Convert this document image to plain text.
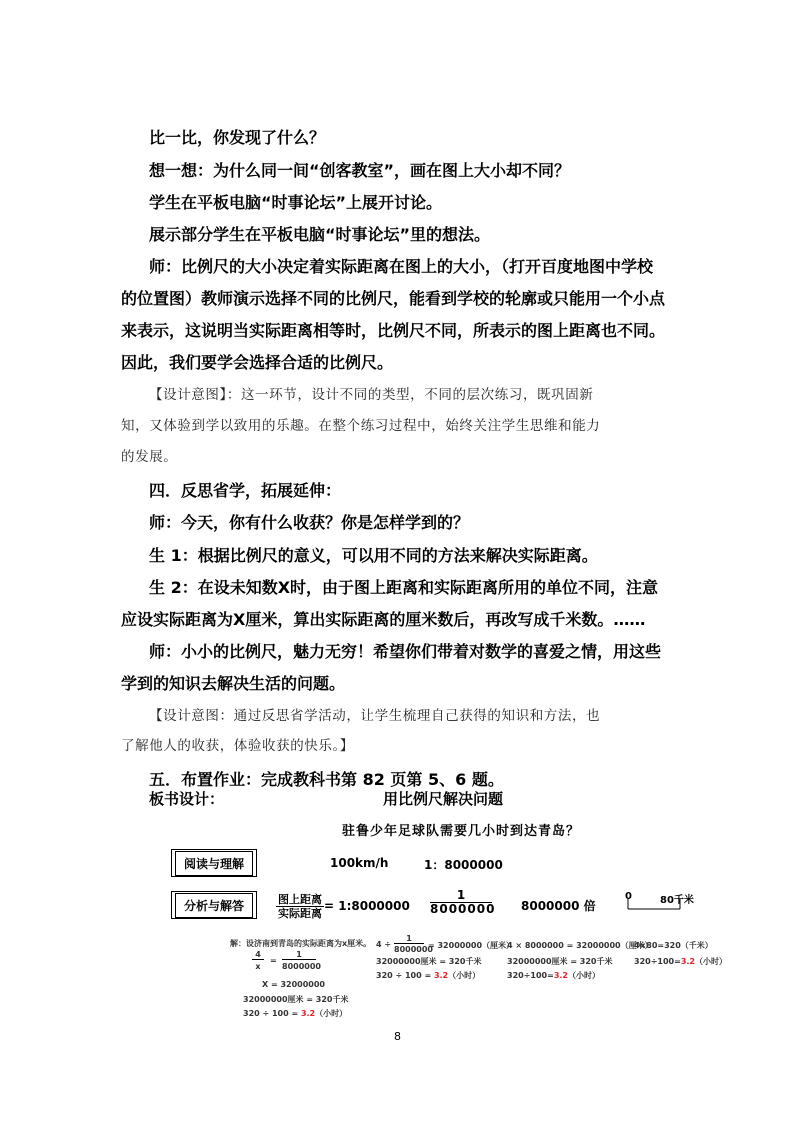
比一比，你发现了什么？
想一想：为什么同一间“创客教室”，画在图上大小却不同？
学生在平板电脑“时事论坛”上展开讨论。
展示部分学生在平板电脑“时事论坛”里的想法。
师：比例尺的大小决定着实际距离在图上的大小，（打开百度地图中学校
的位置图）教师演示选择不同的比例尺，能看到学校的轮廓或只能用一个小点
来表示，这说明当实际距离相等时，比例尺不同，所表示的图上距离也不同。
因此，我们要学会选择合适的比例尺。
【设计意图】：这一环节，设计不同的类型，不同的层次练习，既巩固新
知，又体验到学以致用的乐趣。在整个练习过程中，始终关注学生思维和能力
的发展。
四．反思省学，拓展延伸：
师：今天，你有什么收获？你是怎样学到的？
生 1：根据比例尺的意义，可以用不同的方法来解决实际距离。
生 2：在设未知数Χ时，由于图上距离和实际距离所用的单位不同，注意
应设实际距离为Χ厘米，算出实际距离的厘米数后，再改写成千米数。……
师：小小的比例尺，魅力无穷！希望你们带着对数学的喜爱之情，用这些
学到的知识去解决生活的问题。
【设计意图：通过反思省学活动，让学生梳理自己获得的知识和方法，也
了解他人的收获，体验收获的快乐。】
五．布置作业：完成教科书第 82 页第 5、6 题。
板书设计：	用比例尺解决问题
驻鲁少年足球队需要几小时到达青岛？
阅读与理解	100km/h	1：8000000
分析与解答	图上距离
实际距离
= 1:8000000 $\frac{1}{8000000} 8000000$ 倍
0	80千米
解：设济南到青岛的实际距离为x厘米。
4
x
=
1
8000000
X = 32000000
32000000厘米 = 320千米
320 ÷ 100 = 3.2（小时）
4 ÷
1
8000000
= 32000000（厘米）
32000000厘米 = 320千米
320 ÷ 100 = 3.2（小时）
4 × 8000000 = 32000000（厘米）
32000000厘米 = 320千米
320÷100=3.2（小时）
4×80=320（千米）
320÷100=3.2（小时）
8
